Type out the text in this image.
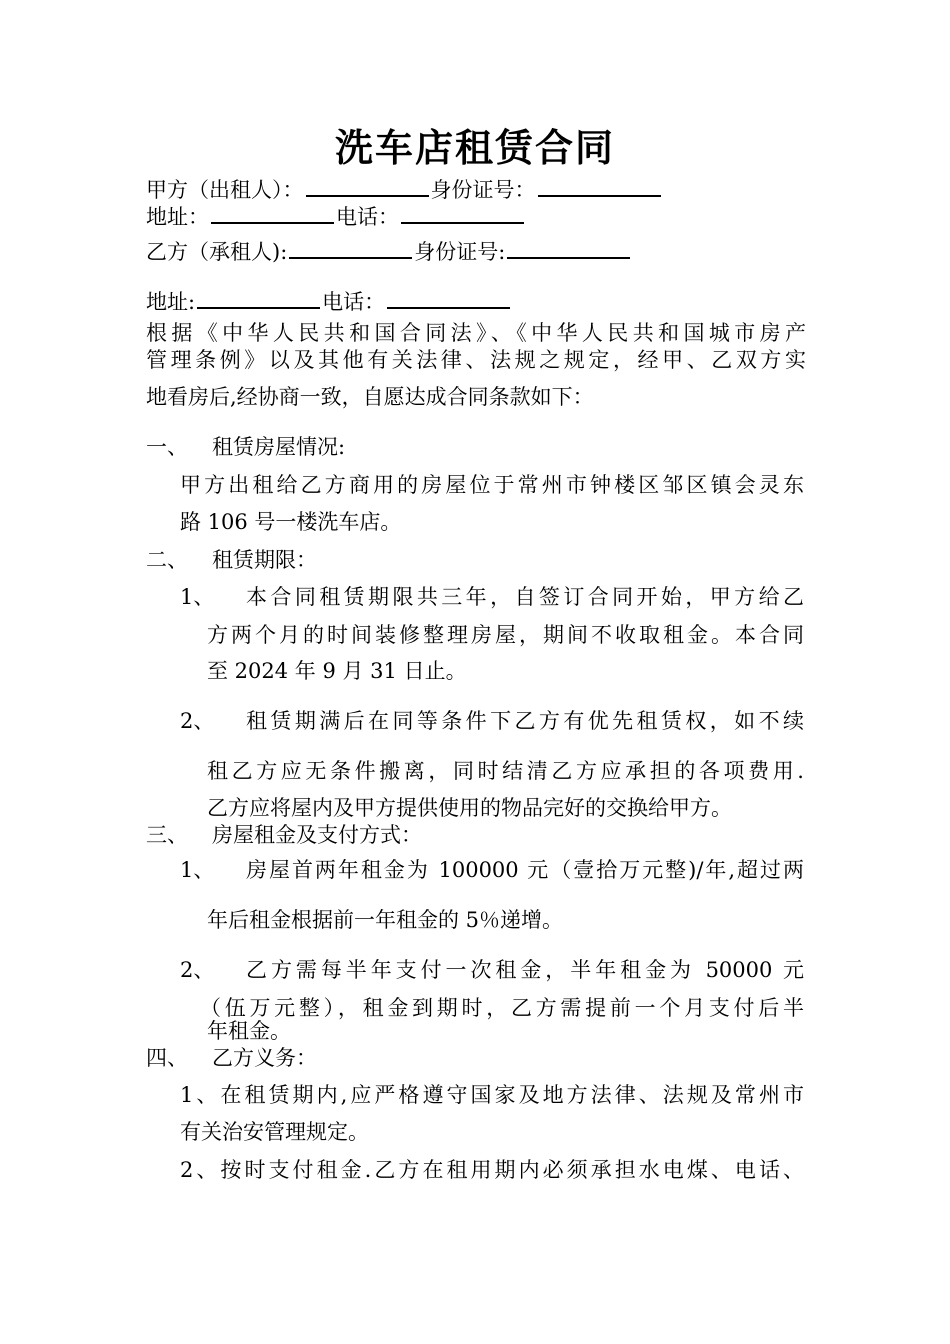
洗车店租赁合同
甲方（出租人）：	身份证号：
地址：	电话：
乙方（承租人):	身份证号:
地址:	电话：

根据《中华人民共和国合同法》、《中华人民共和国城市房产

管理条例》以及其他有关法律、法规之规定，经甲、乙双方实

地看房后,经协商一致，自愿达成合同条款如下：

一、 租赁房屋情况:

甲方出租给乙方商用的房屋位于常州市钟楼区邹区镇会灵东

路 106 号一楼洗车店。

二、 租赁期限：
1、 本合同租赁期限共三年，自签订合同开始，甲方给乙

方两个月的时间装修整理房屋，期间不收取租金。本合同

至 2024 年 9 月 31 日止。

2、 租赁期满后在同等条件下乙方有优先租赁权，如不续

租乙方应无条件搬离，同时结清乙方应承担的各项费用.

乙方应将屋内及甲方提供使用的物品完好的交换给甲方。

三、 房屋租金及支付方式：
1、 房屋首两年租金为 100000 元（壹拾万元整)/年,超过两

年后租金根据前一年租金的 5％递增。

2、 乙方需每半年支付一次租金，半年租金为 50000 元

（伍万元整），租金到期时，乙方需提前一个月支付后半

年租金。

四、 乙方义务：

1、在租赁期内,应严格遵守国家及地方法律、法规及常州市

有关治安管理规定。

2、按时支付租金.乙方在租用期内必须承担水电煤、电话、
